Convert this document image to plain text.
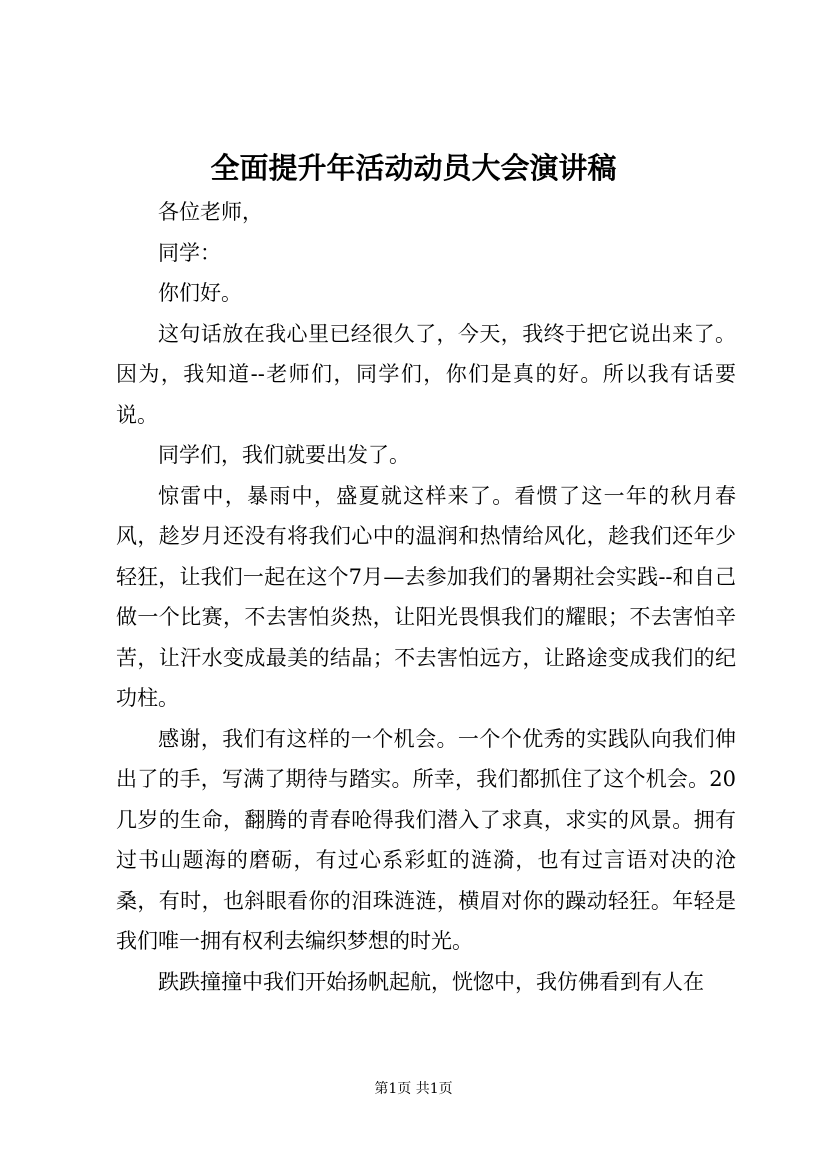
全面提升年活动动员大会演讲稿

各位老师，

同学：

你们好。

这句话放在我心里已经很久了，今天，我终于把它说出来了。因为，我知道--老师们，同学们，你们是真的好。所以我有话要说。

同学们，我们就要出发了。

惊雷中，暴雨中，盛夏就这样来了。看惯了这一年的秋月春风，趁岁月还没有将我们心中的温润和热情给风化，趁我们还年少轻狂，让我们一起在这个7月—去参加我们的暑期社会实践--和自己做一个比赛，不去害怕炎热，让阳光畏惧我们的耀眼；不去害怕辛苦，让汗水变成最美的结晶；不去害怕远方，让路途变成我们的纪功柱。

感谢，我们有这样的一个机会。一个个优秀的实践队向我们伸出了的手，写满了期待与踏实。所幸，我们都抓住了这个机会。20几岁的生命，翻腾的青春呛得我们潜入了求真，求实的风景。拥有过书山题海的磨砺，有过心系彩虹的涟漪，也有过言语对决的沧桑，有时，也斜眼看你的泪珠涟涟，横眉对你的躁动轻狂。年轻是我们唯一拥有权利去编织梦想的时光。

跌跌撞撞中我们开始扬帆起航，恍惚中，我仿佛看到有人在

第1页 共1页
